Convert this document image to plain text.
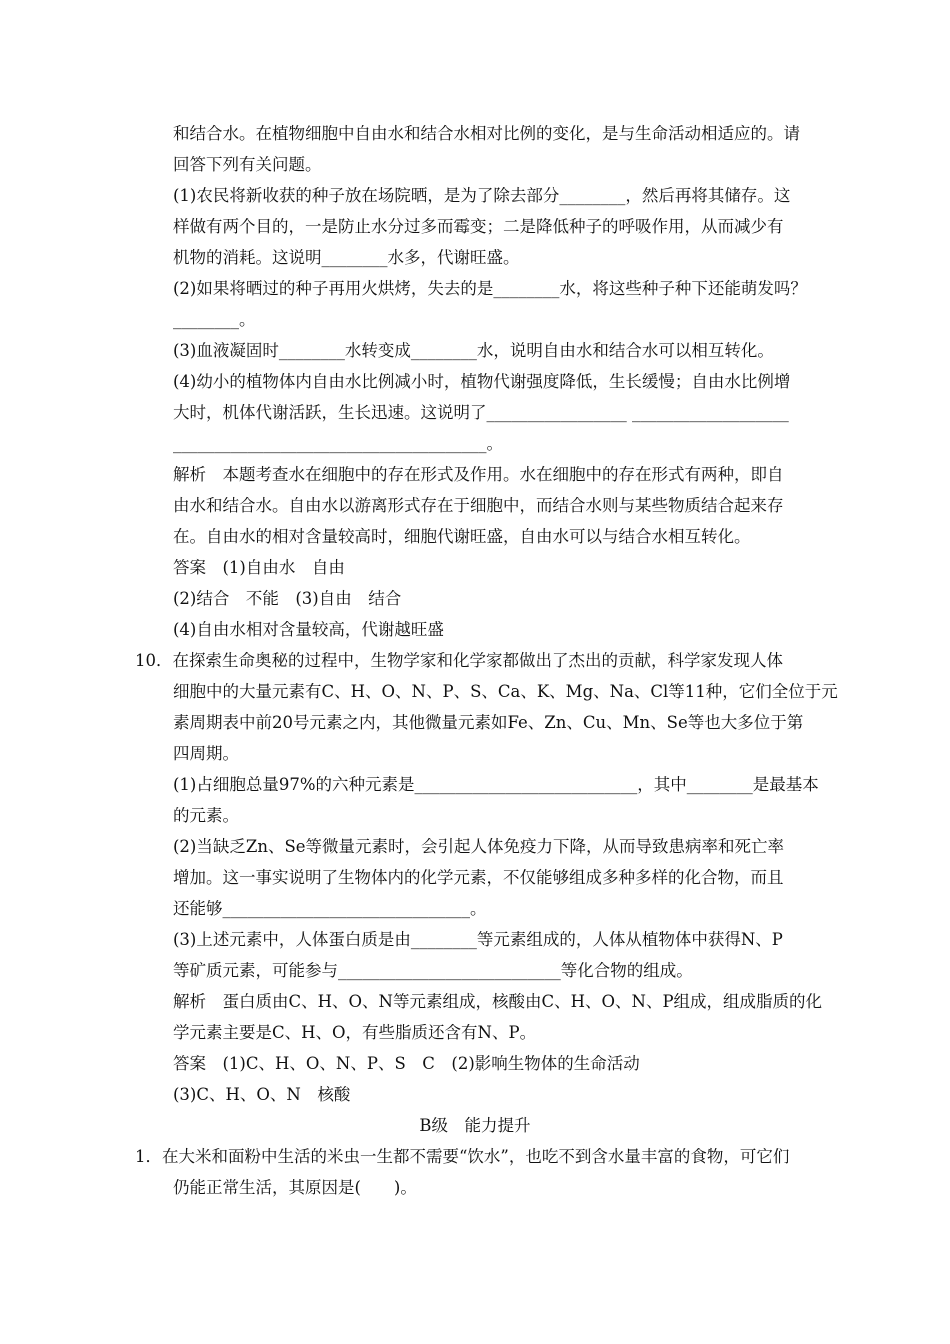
和结合水。在植物细胞中自由水和结合水相对比例的变化，是与生命活动相适应的。请
回答下列有关问题。
(1)农民将新收获的种子放在场院晒，是为了除去部分________，然后再将其储存。这
样做有两个目的，一是防止水分过多而霉变；二是降低种子的呼吸作用，从而减少有
机物的消耗。这说明________水多，代谢旺盛。
(2)如果将晒过的种子再用火烘烤，失去的是________水，将这些种子种下还能萌发吗？
________。
(3)血液凝固时________水转变成________水，说明自由水和结合水可以相互转化。
(4)幼小的植物体内自由水比例减小时，植物代谢强度降低，生长缓慢；自由水比例增
大时，机体代谢活跃，生长迅速。这说明了_________________ ___________________
______________________________________。
解析　本题考查水在细胞中的存在形式及作用。水在细胞中的存在形式有两种，即自
由水和结合水。自由水以游离形式存在于细胞中，而结合水则与某些物质结合起来存
在。自由水的相对含量较高时，细胞代谢旺盛，自由水可以与结合水相互转化。
答案　(1)自由水　自由
(2)结合　不能　(3)自由　结合
(4)自由水相对含量较高，代谢越旺盛
10．在探索生命奥秘的过程中，生物学家和化学家都做出了杰出的贡献，科学家发现人体
细胞中的大量元素有C、H、O、N、P、S、Ca、K、Mg、Na、Cl等11种，它们全位于元
素周期表中前20号元素之内，其他微量元素如Fe、Zn、Cu、Mn、Se等也大多位于第
四周期。
(1)占细胞总量97%的六种元素是___________________________，其中________是最基本
的元素。
(2)当缺乏Zn、Se等微量元素时，会引起人体免疫力下降，从而导致患病率和死亡率
增加。这一事实说明了生物体内的化学元素，不仅能够组成多种多样的化合物，而且
还能够______________________________。
(3)上述元素中，人体蛋白质是由________等元素组成的，人体从植物体中获得N、P
等矿质元素，可能参与___________________________等化合物的组成。
解析　蛋白质由C、H、O、N等元素组成，核酸由C、H、O、N、P组成，组成脂质的化
学元素主要是C、H、O，有些脂质还含有N、P。
答案　(1)C、H、O、N、P、S　C　(2)影响生物体的生命活动
(3)C、H、O、N　核酸
B级　能力提升
1．在大米和面粉中生活的米虫一生都不需要“饮水”，也吃不到含水量丰富的食物，可它们
仍能正常生活，其原因是(　　)。
